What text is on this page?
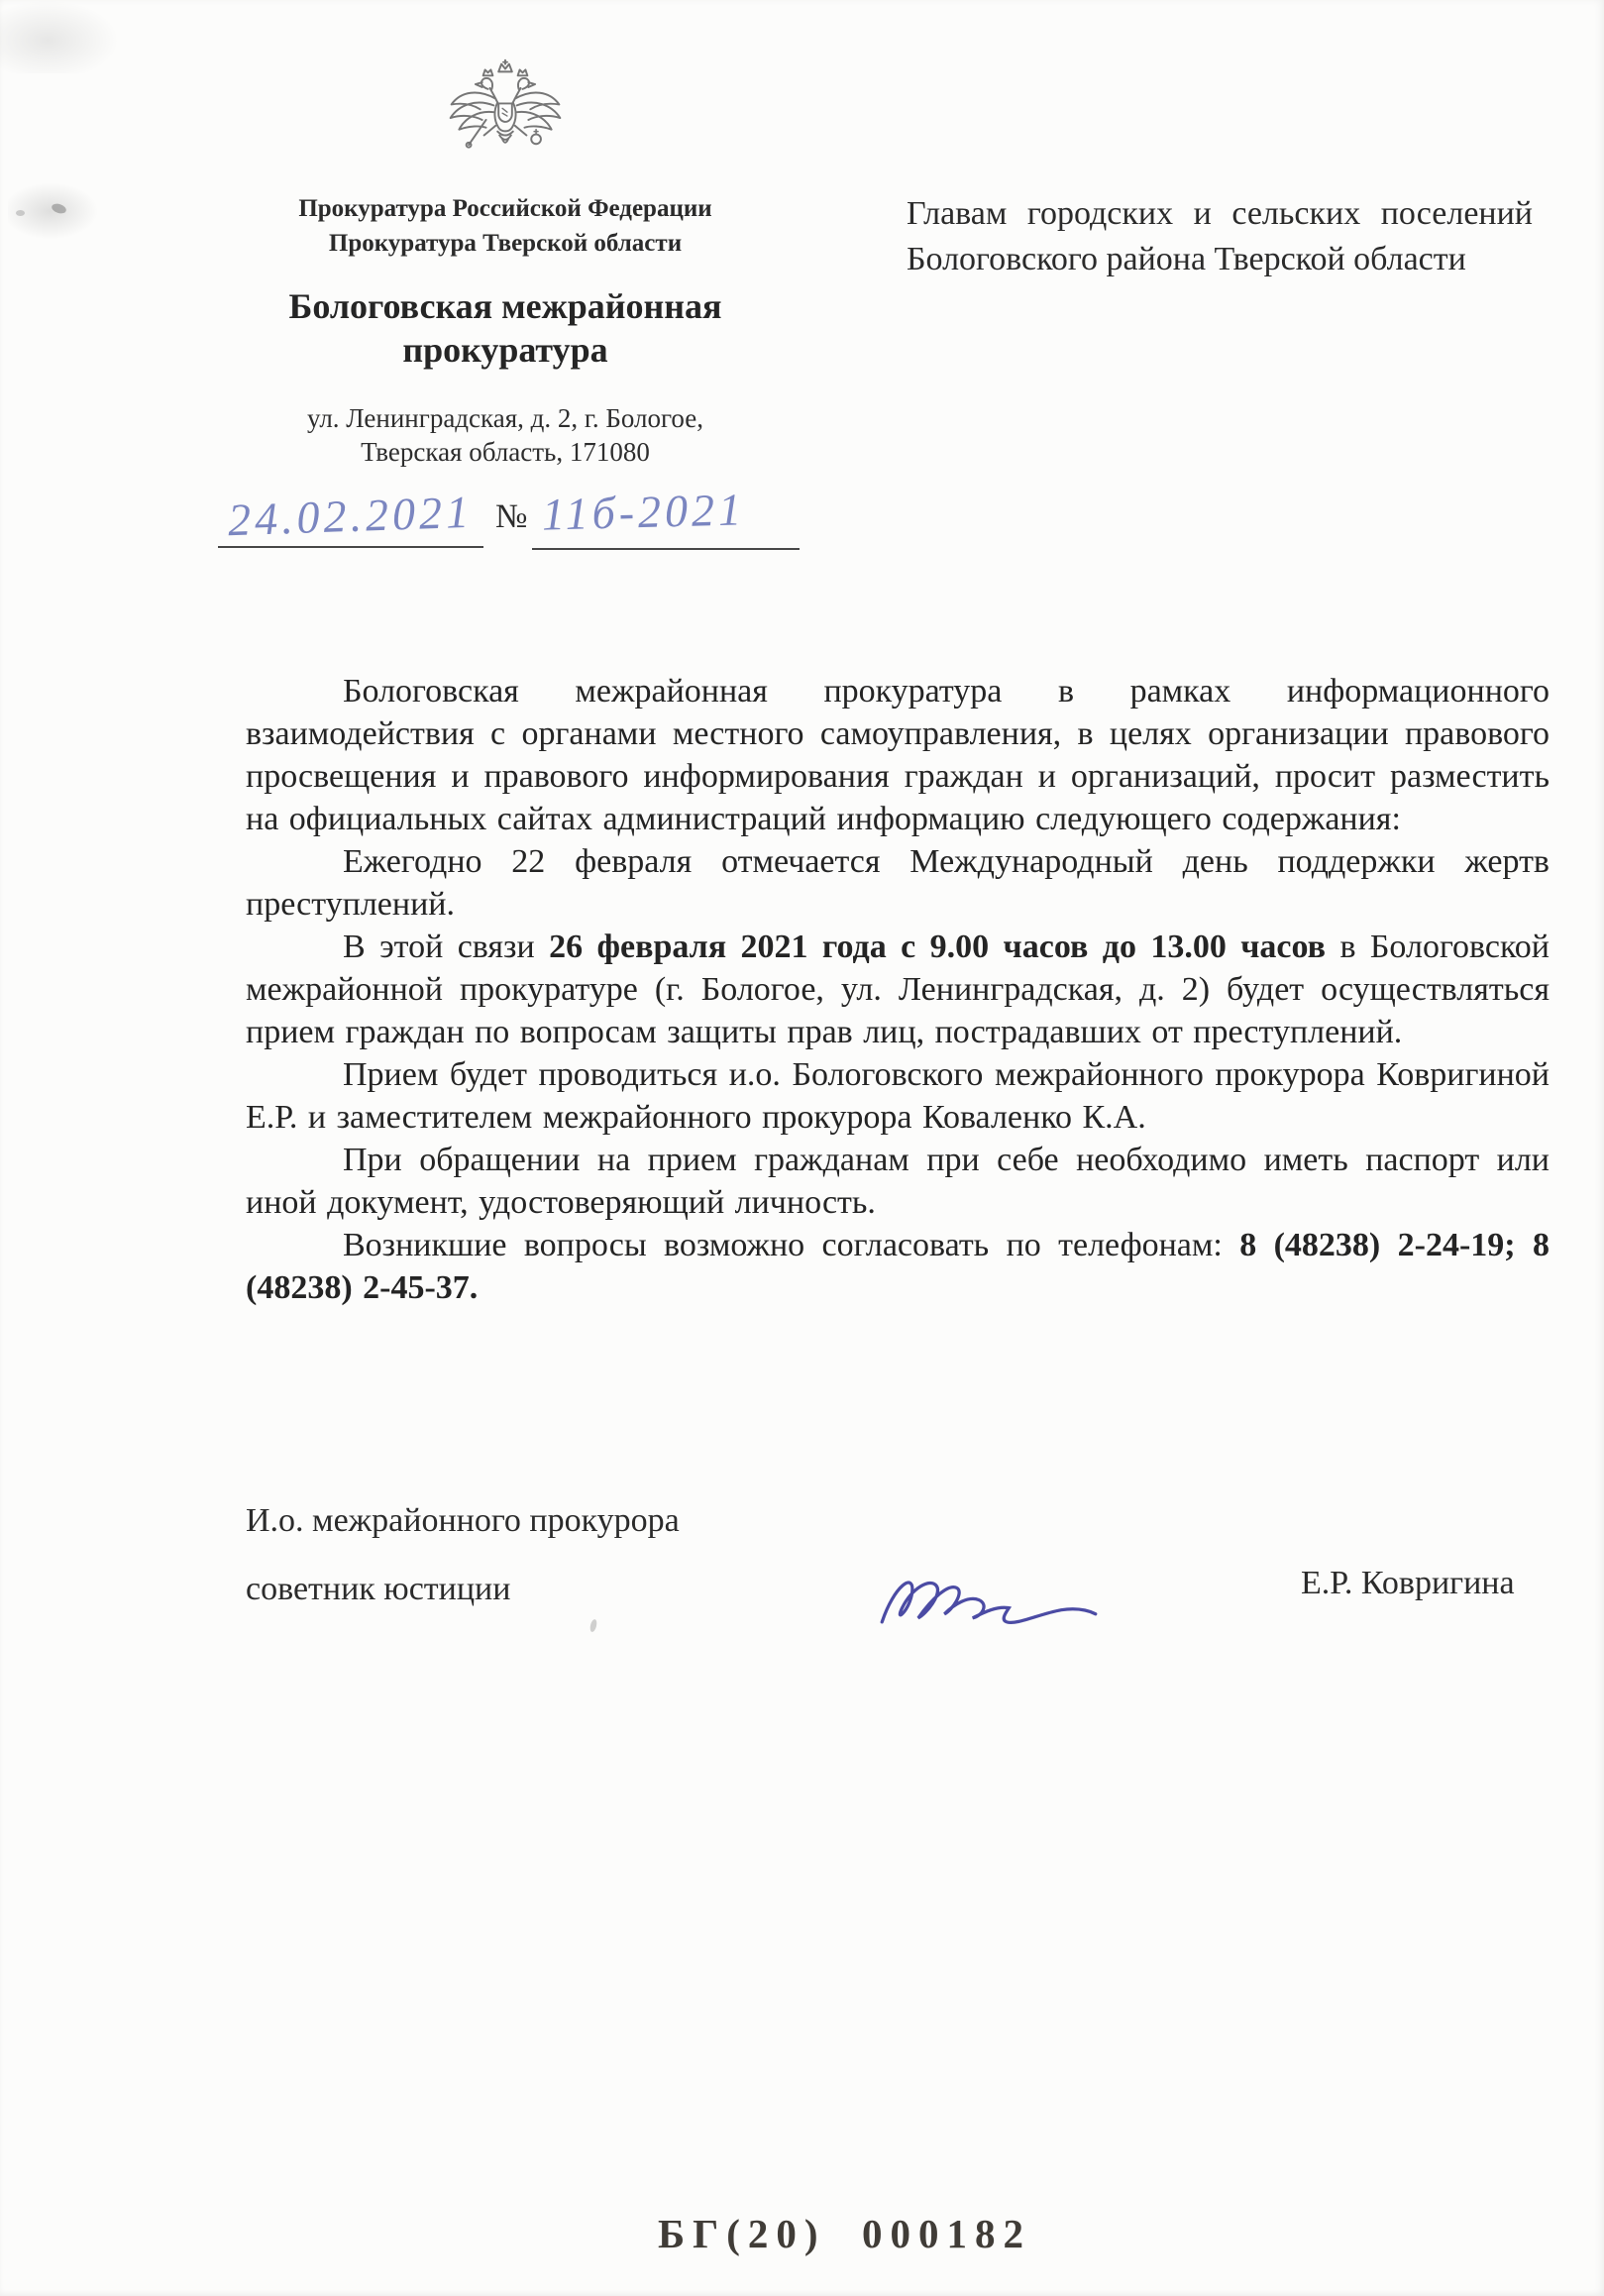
Прокуратура Российской Федерации
Прокуратура Тверской области
Бологовская межрайонная
прокуратура
ул. Ленинградская, д. 2, г. Бологое,
Тверская область, 171080
Главам городских и сельских поселений Бологовского района Тверской области
24.02.2021 № 11б-2021

Бологовская межрайонная прокуратура в рамках информационного взаимодействия с органами местного самоуправления, в целях организации правового просвещения и правового информирования граждан и организаций, просит разместить на официальных сайтах администраций информацию следующего содержания:

Ежегодно 22 февраля отмечается Международный день поддержки жертв преступлений.

В этой связи 26 февраля 2021 года с 9.00 часов до 13.00 часов в Бологовской межрайонной прокуратуре (г. Бологое, ул. Ленинградская, д. 2) будет осуществляться прием граждан по вопросам защиты прав лиц, пострадавших от преступлений.

Прием будет проводиться и.о. Бологовского межрайонного прокурора Ковригиной Е.Р. и заместителем межрайонного прокурора Коваленко К.А.

При обращении на прием гражданам при себе необходимо иметь паспорт или иной документ, удостоверяющий личность.

Возникшие вопросы возможно согласовать по телефонам: 8 (48238) 2-24-19; 8 (48238) 2-45-37.

И.о. межрайонного прокурора
советник юстиции	Е.Р. Ковригина
БГ(20)  000182
